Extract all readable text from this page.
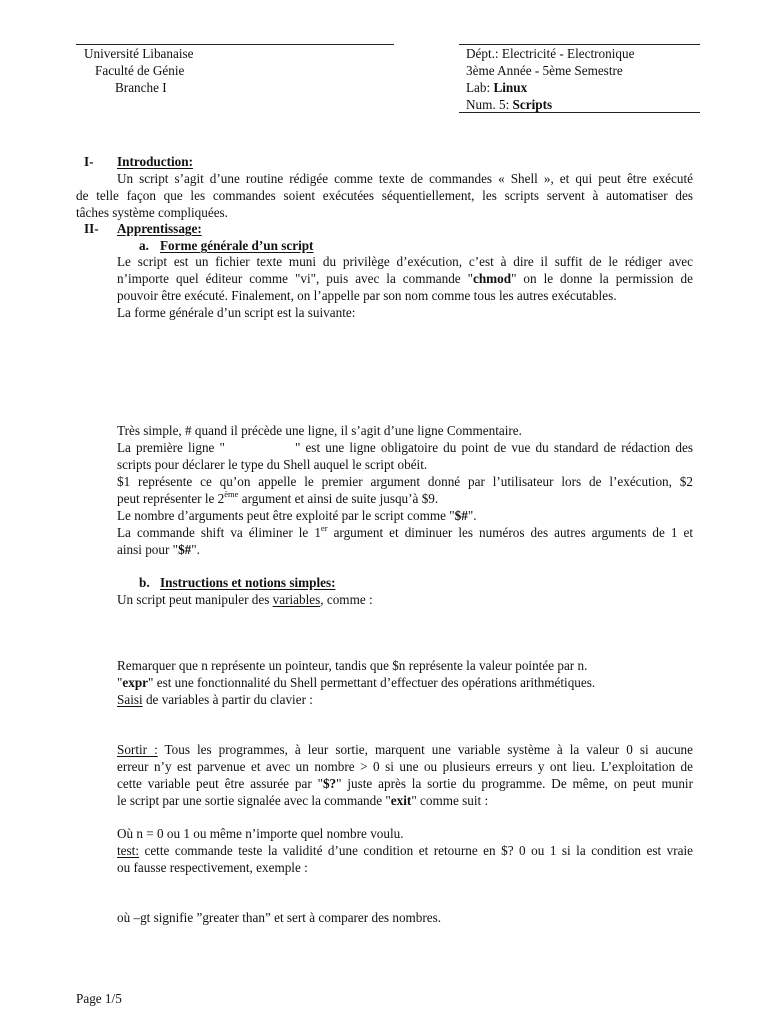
Université Libanaise
Faculté de Génie
Branche I
Dépt.: Electricité - Electronique
3ème Année - 5ème Semestre
Lab: Linux
Num. 5: Scripts
I- Introduction:
Un script s’agit d’une routine rédigée comme texte de commandes « Shell », et qui peut être exécuté
de telle façon que les commandes soient exécutées séquentiellement, les scripts servent à automatiser des
tâches système compliquées.
II- Apprentissage:
a. Forme générale d’un script
Le script est un fichier texte muni du privilège d’exécution, c’est à dire il suffit de le rédiger avec
n’importe quel éditeur comme "vi", puis avec la commande "chmod" on le donne la permission de
pouvoir être exécuté. Finalement, on l’appelle par son nom comme tous les autres exécutables.
La forme générale d’un script est la suivante:
Très simple, # quand il précède une ligne, il s’agit d’une ligne Commentaire.
La première ligne "	" est une ligne obligatoire du point de vue du standard de rédaction des
scripts pour déclarer le type du Shell auquel le script obéit.
$1 représente ce qu’on appelle le premier argument donné par l’utilisateur lors de l’exécution, $2
peut représenter le 2ème argument et ainsi de suite jusqu’à $9.
Le nombre d’arguments peut être exploité par le script comme "$#".
La commande shift va éliminer le 1er argument et diminuer les numéros des autres arguments de 1 et
ainsi pour "$#".
b. Instructions et notions simples:
Un script peut manipuler des variables, comme :
Remarquer que n représente un pointeur, tandis que $n représente la valeur pointée par n.
"expr" est une fonctionnalité du Shell permettant d’effectuer des opérations arithmétiques.
Saisi de variables à partir du clavier :
Sortir : Tous les programmes, à leur sortie, marquent une variable système à la valeur 0 si aucune
erreur n’y est parvenue et avec un nombre > 0 si une ou plusieurs erreurs y ont lieu. L’exploitation de
cette variable peut être assurée par "$?" juste après la sortie du programme. De même, on peut munir
le script par une sortie signalée avec la commande "exit" comme suit :
Où n = 0 ou 1 ou même n’importe quel nombre voulu.
test: cette commande teste la validité d’une condition et retourne en $? 0 ou 1 si la condition est vraie
ou fausse respectivement, exemple :
où –gt signifie ”greater than” et sert à comparer des nombres.
Page 1/5
